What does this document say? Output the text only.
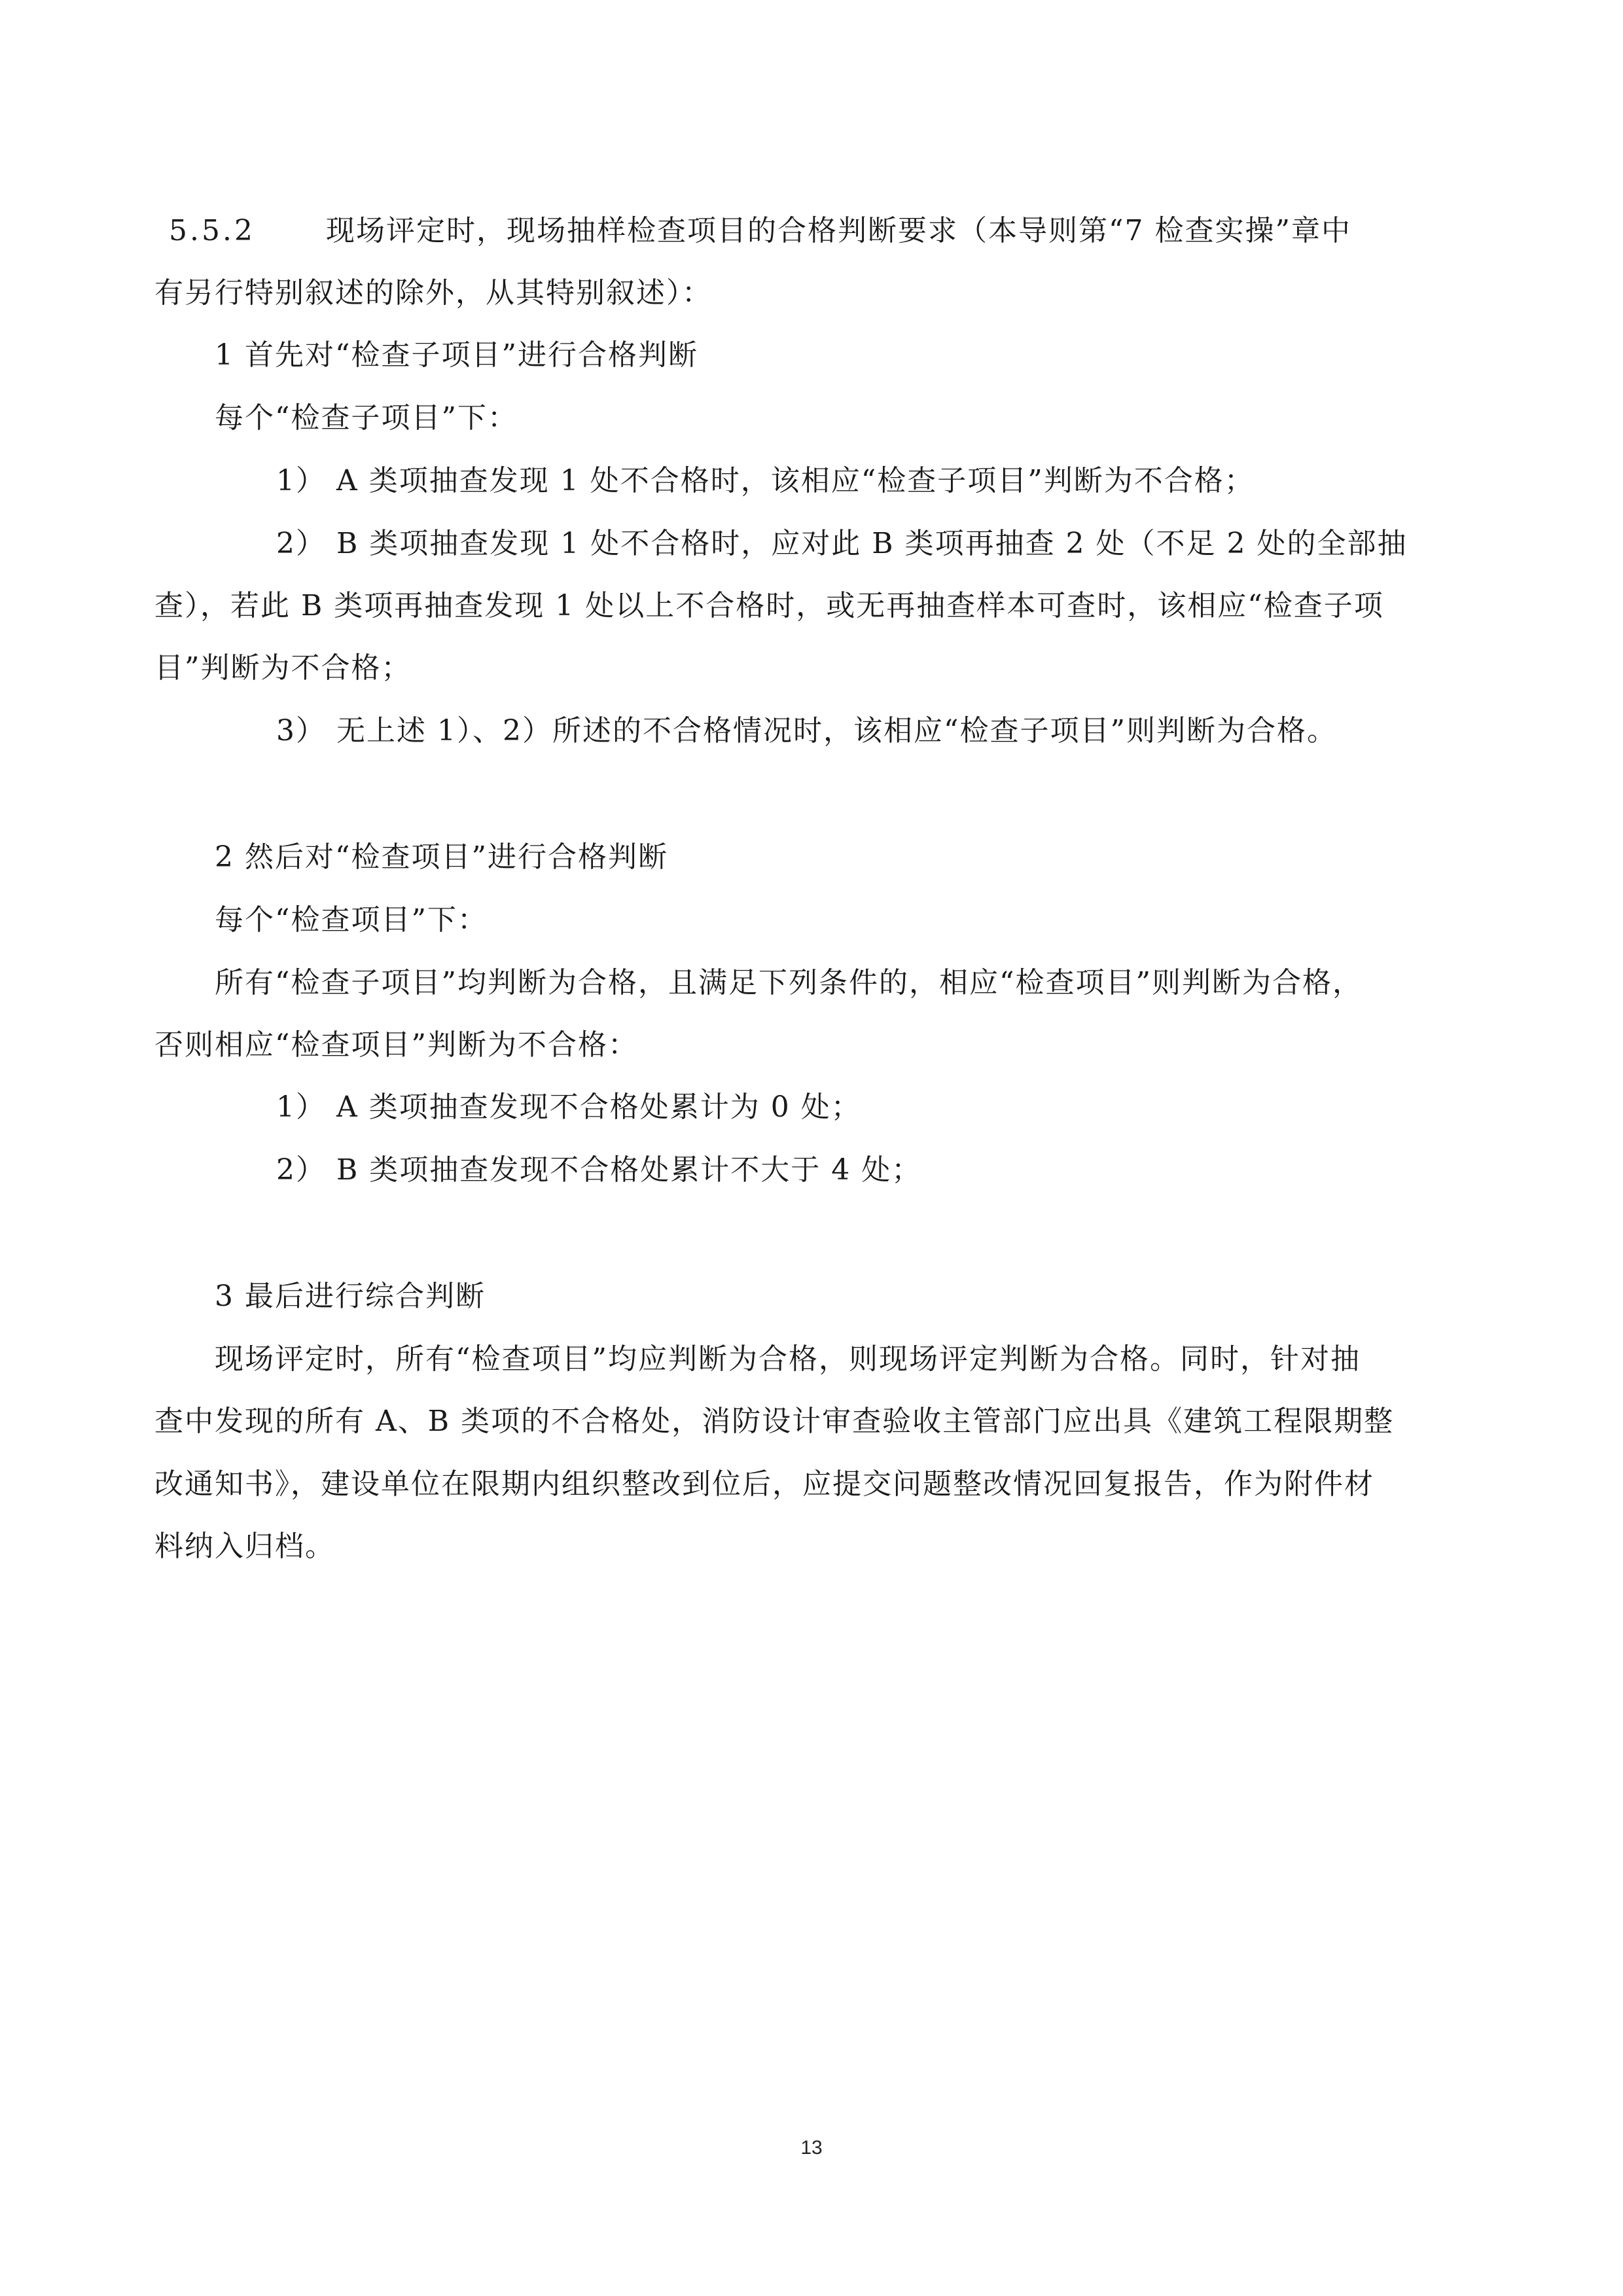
5.5.2 现场评定时，现场抽样检查项目的合格判断要求（本导则第“7 检查实操”章中
有另行特别叙述的除外，从其特别叙述）：
1 首先对“检查子项目”进行合格判断
每个“检查子项目”下：
1） A 类项抽查发现 1 处不合格时，该相应“检查子项目”判断为不合格；
2） B 类项抽查发现 1 处不合格时，应对此 B 类项再抽查 2 处（不足 2 处的全部抽
查），若此 B 类项再抽查发现 1 处以上不合格时，或无再抽查样本可查时，该相应“检查子项
目”判断为不合格；
3） 无上述 1）、2）所述的不合格情况时，该相应“检查子项目”则判断为合格。
2 然后对“检查项目”进行合格判断
每个“检查项目”下：
所有“检查子项目”均判断为合格，且满足下列条件的，相应“检查项目”则判断为合格，
否则相应“检查项目”判断为不合格：
1） A 类项抽查发现不合格处累计为 0 处；
2） B 类项抽查发现不合格处累计不大于 4 处；
3 最后进行综合判断
现场评定时，所有“检查项目”均应判断为合格，则现场评定判断为合格。同时，针对抽
查中发现的所有 A、B 类项的不合格处，消防设计审查验收主管部门应出具《建筑工程限期整
改通知书》，建设单位在限期内组织整改到位后，应提交问题整改情况回复报告，作为附件材
料纳入归档。
13
